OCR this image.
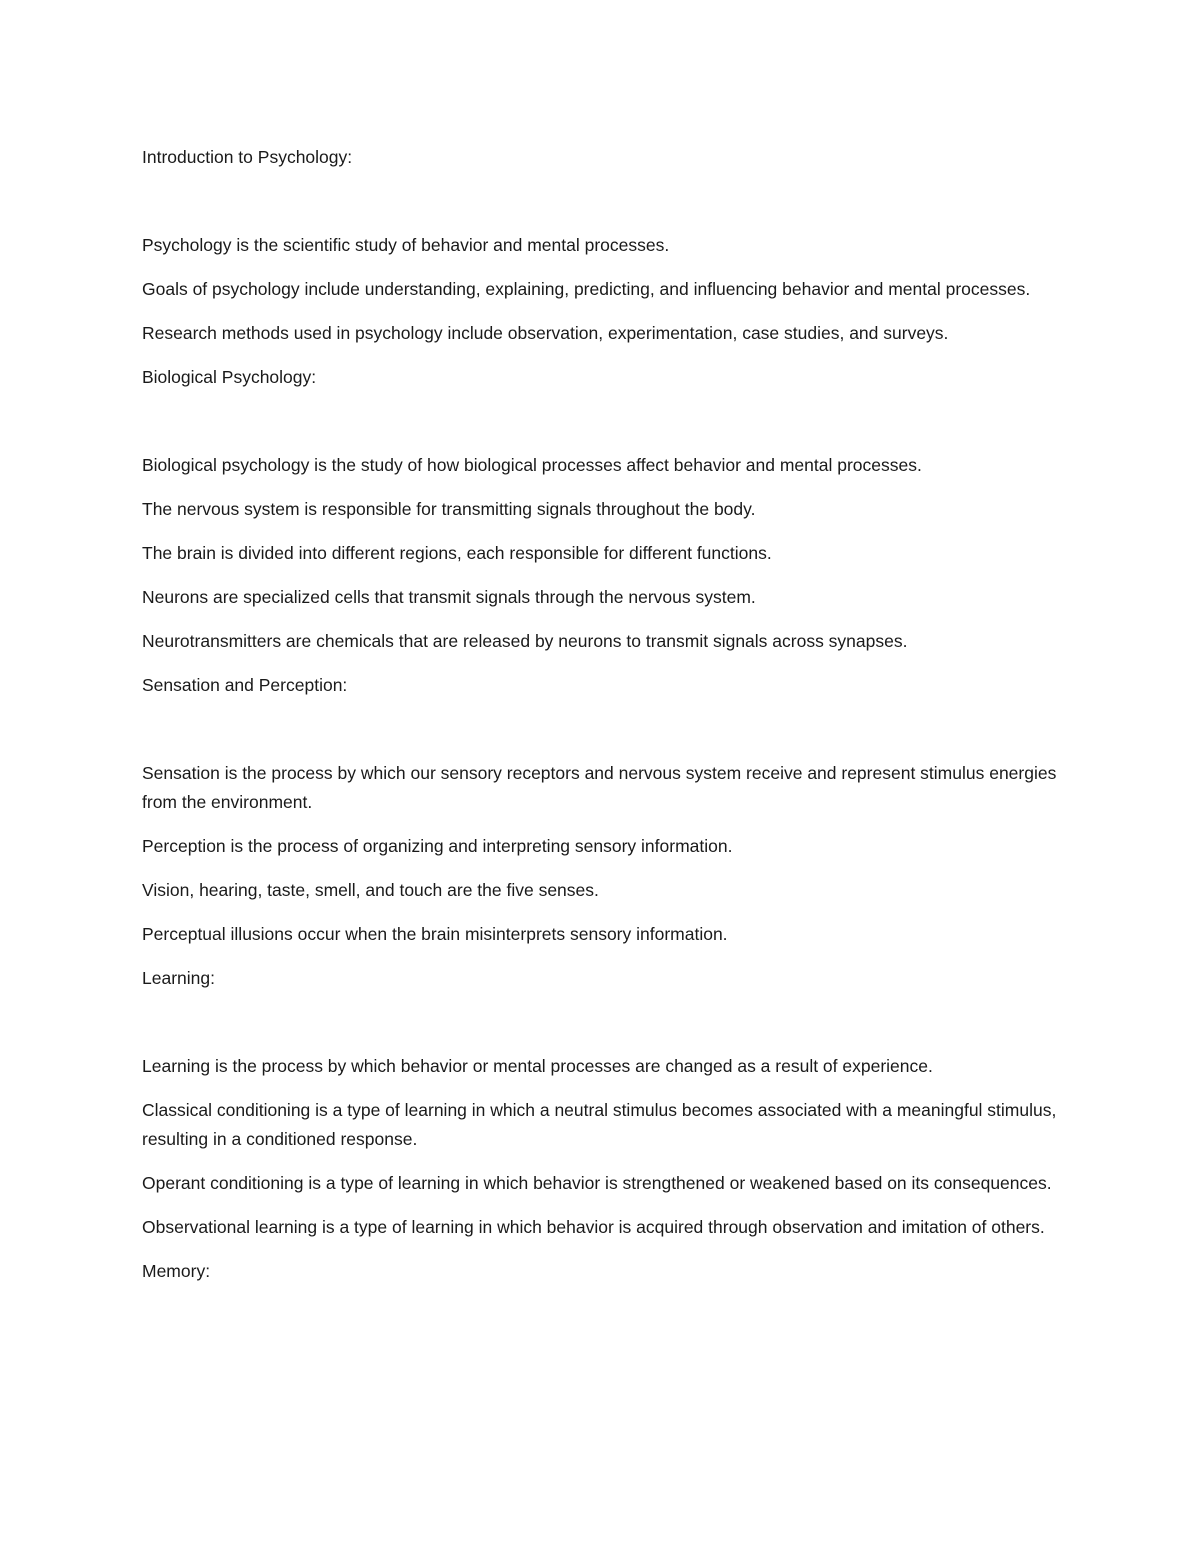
Introduction to Psychology:

Psychology is the scientific study of behavior and mental processes.

Goals of psychology include understanding, explaining, predicting, and influencing behavior and mental processes.

Research methods used in psychology include observation, experimentation, case studies, and surveys.

Biological Psychology:

Biological psychology is the study of how biological processes affect behavior and mental processes.

The nervous system is responsible for transmitting signals throughout the body.

The brain is divided into different regions, each responsible for different functions.

Neurons are specialized cells that transmit signals through the nervous system.

Neurotransmitters are chemicals that are released by neurons to transmit signals across synapses.

Sensation and Perception:

Sensation is the process by which our sensory receptors and nervous system receive and represent stimulus energies from the environment.

Perception is the process of organizing and interpreting sensory information.

Vision, hearing, taste, smell, and touch are the five senses.

Perceptual illusions occur when the brain misinterprets sensory information.

Learning:

Learning is the process by which behavior or mental processes are changed as a result of experience.

Classical conditioning is a type of learning in which a neutral stimulus becomes associated with a meaningful stimulus, resulting in a conditioned response.

Operant conditioning is a type of learning in which behavior is strengthened or weakened based on its consequences.

Observational learning is a type of learning in which behavior is acquired through observation and imitation of others.

Memory:
